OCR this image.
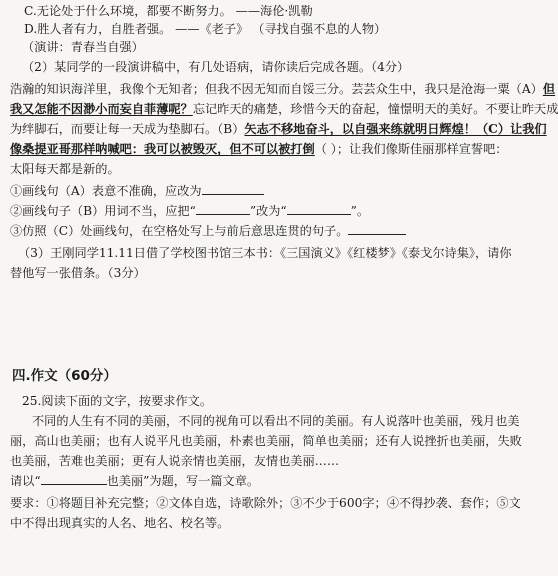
C.无论处于什么环境，都要不断努力。 ——海伦·凯勒
D.胜人者有力，自胜者强。 ——《老子》 （寻找自强不息的人物）
（演讲：青春当自强）
（2）某同学的一段演讲稿中，有几处语病，请你读后完成各题。（4分）
浩瀚的知识海洋里，我像个无知者；但我不因无知而自馁三分。芸芸众生中，我只是沧海一粟（A）但
我又怎能不因渺小而妄自菲薄呢？忘记昨天的痛楚，珍惜今天的奋起，憧憬明天的美好。不要让昨天成
为绊脚石，而要让每一天成为垫脚石。（B）矢志不移地奋斗，以自强来练就明日辉煌！（C）让我们
像桑提亚哥那样呐喊吧：我可以被毁灭，但不可以被打倒（ ）；让我们像斯佳丽那样宣誓吧：
太阳每天都是新的。
①画线句（A）表意不准确，应改为
②画线句子（B）用词不当，应把“	”改为“	”。
③仿照（C）处画线句，在空格处写上与前后意思连贯的句子。
（3）王刚同学11.11日借了学校图书馆三本书：《三国演义》《红楼梦》《泰戈尔诗集》，请你
替他写一张借条。（3分）
四.作文（60分）
25.阅读下面的文字，按要求作文。
不同的人生有不同的美丽，不同的视角可以看出不同的美丽。有人说落叶也美丽，残月也美
丽，高山也美丽；也有人说平凡也美丽，朴素也美丽，简单也美丽；还有人说挫折也美丽，失败
也美丽，苦难也美丽；更有人说亲情也美丽，友情也美丽……
请以“	也美丽”为题，写一篇文章。
要求：①将题目补充完整；②文体自选，诗歌除外；③不少于600字；④不得抄袭、套作；⑤文
中不得出现真实的人名、地名、校名等。
